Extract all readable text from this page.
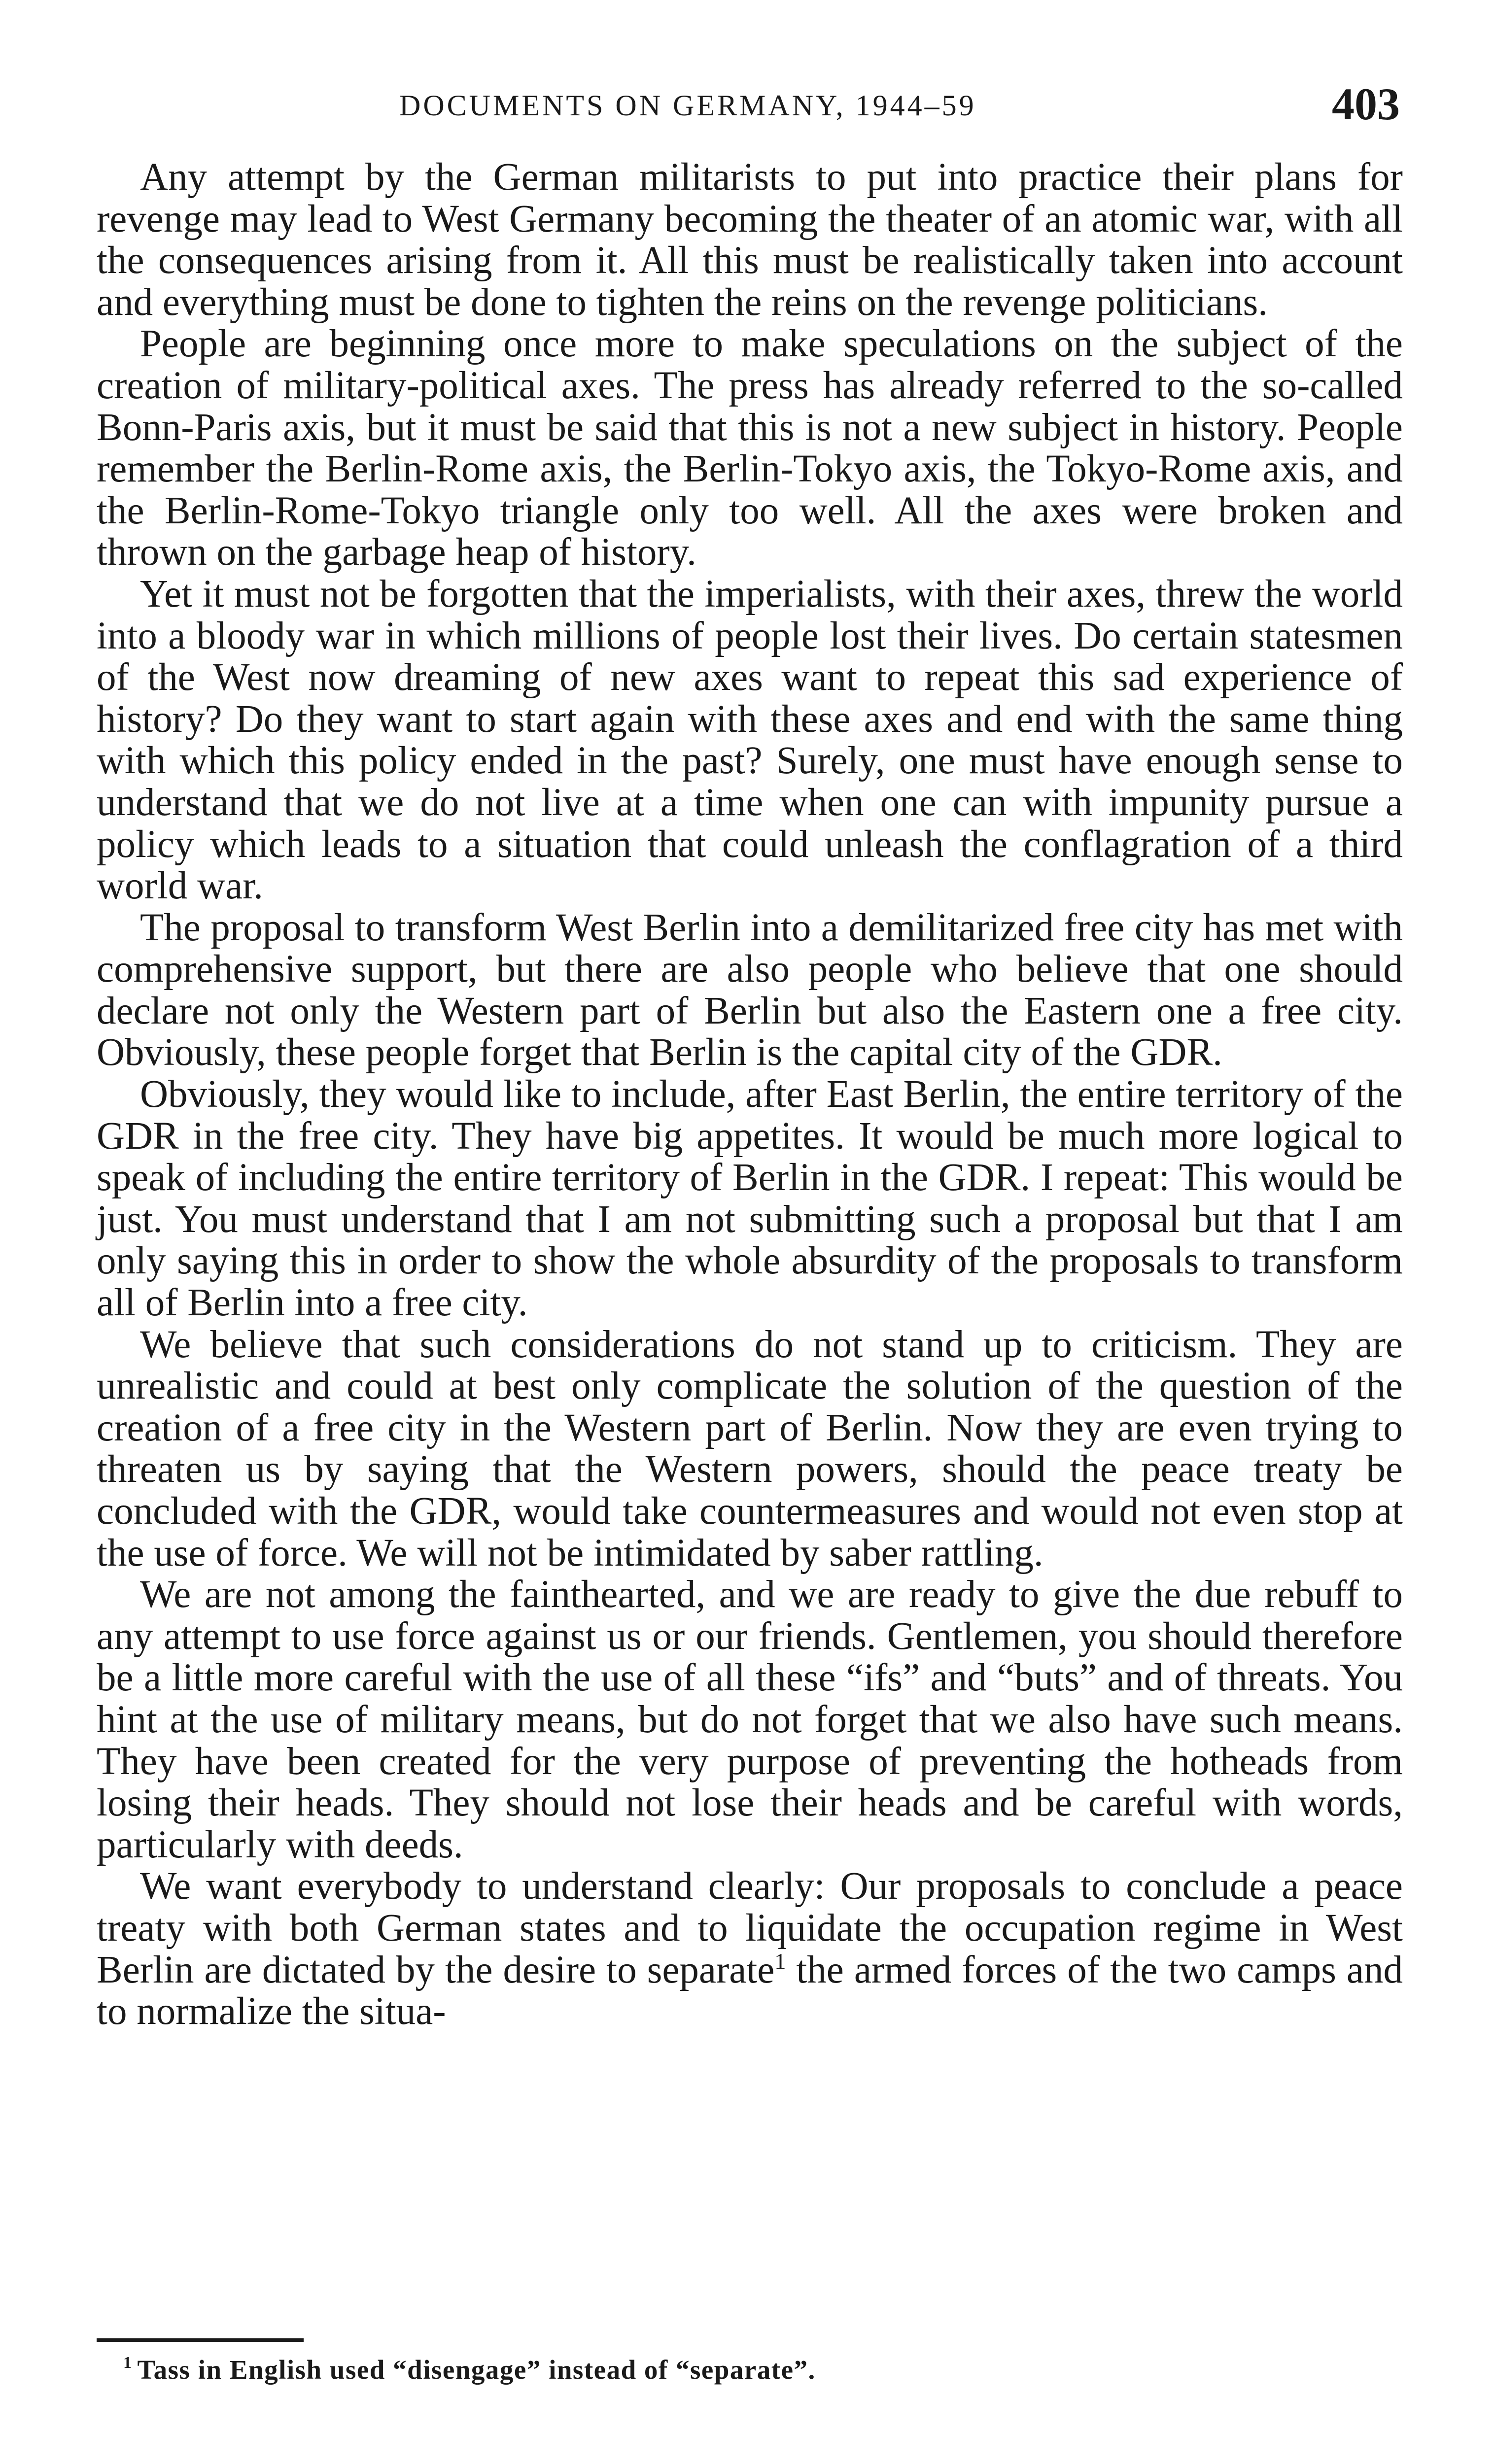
DOCUMENTS ON GERMANY, 1944–59	403

Any attempt by the German militarists to put into practice their plans for revenge may lead to West Germany becoming the theater of an atomic war, with all the consequences arising from it. All this must be realistically taken into account and everything must be done to tighten the reins on the revenge politicians.

People are beginning once more to make speculations on the subject of the creation of military-political axes. The press has already referred to the so-called Bonn-Paris axis, but it must be said that this is not a new subject in history. People remember the Berlin-Rome axis, the Berlin-Tokyo axis, the Tokyo-Rome axis, and the Berlin-Rome-Tokyo triangle only too well. All the axes were broken and thrown on the garbage heap of history.

Yet it must not be forgotten that the imperialists, with their axes, threw the world into a bloody war in which millions of people lost their lives. Do certain statesmen of the West now dreaming of new axes want to repeat this sad experience of history? Do they want to start again with these axes and end with the same thing with which this policy ended in the past? Surely, one must have enough sense to understand that we do not live at a time when one can with impunity pursue a policy which leads to a situation that could unleash the conflagration of a third world war.

The proposal to transform West Berlin into a demilitarized free city has met with comprehensive support, but there are also people who believe that one should declare not only the Western part of Berlin but also the Eastern one a free city. Obviously, these people forget that Berlin is the capital city of the GDR.

Obviously, they would like to include, after East Berlin, the entire territory of the GDR in the free city. They have big appetites. It would be much more logical to speak of including the entire territory of Berlin in the GDR. I repeat: This would be just. You must understand that I am not submitting such a proposal but that I am only saying this in order to show the whole absurdity of the proposals to transform all of Berlin into a free city.

We believe that such considerations do not stand up to criticism. They are unrealistic and could at best only complicate the solution of the question of the creation of a free city in the Western part of Berlin. Now they are even trying to threaten us by saying that the Western powers, should the peace treaty be concluded with the GDR, would take countermeasures and would not even stop at the use of force. We will not be intimidated by saber rattling.

We are not among the fainthearted, and we are ready to give the due rebuff to any attempt to use force against us or our friends. Gentlemen, you should therefore be a little more careful with the use of all these “ifs” and “buts” and of threats. You hint at the use of military means, but do not forget that we also have such means. They have been created for the very purpose of preventing the hotheads from losing their heads. They should not lose their heads and be careful with words, particularly with deeds.

We want everybody to understand clearly: Our proposals to conclude a peace treaty with both German states and to liquidate the occupation regime in West Berlin are dictated by the desire to separate$^1$ the armed forces of the two camps and to normalize the situa-

$^1$ Tass in English used “disengage” instead of “separate”.
